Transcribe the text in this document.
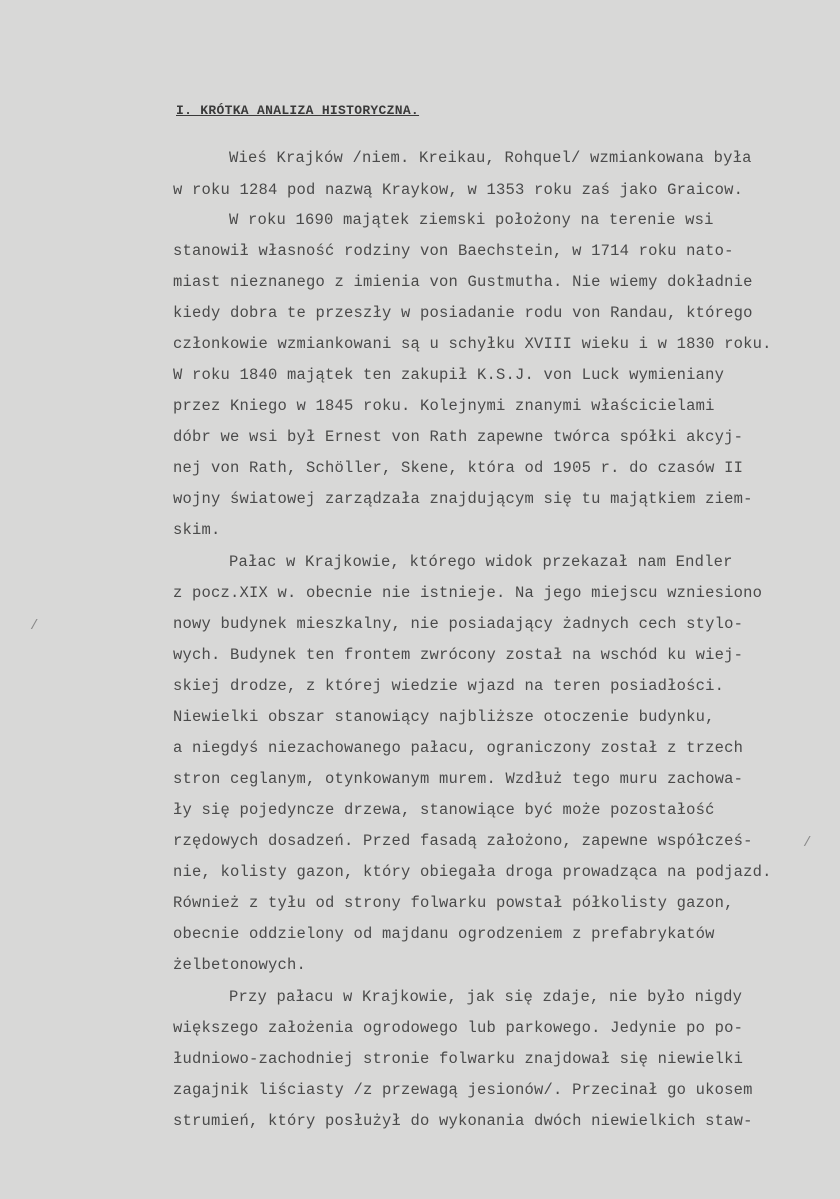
I. KRÓTKA ANALIZA HISTORYCZNA.
Wieś Krajków /niem. Kreikau, Rohquel/ wzmiankowana była
w roku 1284 pod nazwą Kraykow, w 1353 roku zaś jako Graicow.
W roku 1690 majątek ziemski położony na terenie wsi
stanowił własność rodziny von Baechstein, w 1714 roku nato-
miast nieznanego z imienia von Gustmutha. Nie wiemy dokładnie
kiedy dobra te przeszły w posiadanie rodu von Randau, którego
członkowie wzmiankowani są u schyłku XVIII wieku i w 1830 roku.
W roku 1840 majątek ten zakupił K.S.J. von Luck wymieniany
przez Kniego w 1845 roku. Kolejnymi znanymi właścicielami
dóbr we wsi był Ernest von Rath zapewne twórca spółki akcyj-
nej von Rath, Schöller, Skene, która od 1905 r. do czasów II
wojny światowej zarządzała znajdującym się tu majątkiem ziem-
skim.
Pałac w Krajkowie, którego widok przekazał nam Endler
z pocz.XIX w. obecnie nie istnieje. Na jego miejscu wzniesiono
nowy budynek mieszkalny, nie posiadający żadnych cech stylo-
wych. Budynek ten frontem zwrócony został na wschód ku wiej-
skiej drodze, z której wiedzie wjazd na teren posiadłości.
Niewielki obszar stanowiący najbliższe otoczenie budynku,
a niegdyś niezachowanego pałacu, ograniczony został z trzech
stron ceglanym, otynkowanym murem. Wzdłuż tego muru zachowa-
ły się pojedyncze drzewa, stanowiące być może pozostałość
rzędowych dosadzeń. Przed fasadą założono, zapewne współcześ-
nie, kolisty gazon, który obiegała droga prowadząca na podjazd.
Również z tyłu od strony folwarku powstał półkolisty gazon,
obecnie oddzielony od majdanu ogrodzeniem z prefabrykatów
żelbetonowych.
Przy pałacu w Krajkowie, jak się zdaje, nie było nigdy
większego założenia ogrodowego lub parkowego. Jedynie po po-
łudniowo-zachodniej stronie folwarku znajdował się niewielki
zagajnik liściasty /z przewagą jesionów/. Przecinał go ukosem
strumień, który posłużył do wykonania dwóch niewielkich staw-
/
/
